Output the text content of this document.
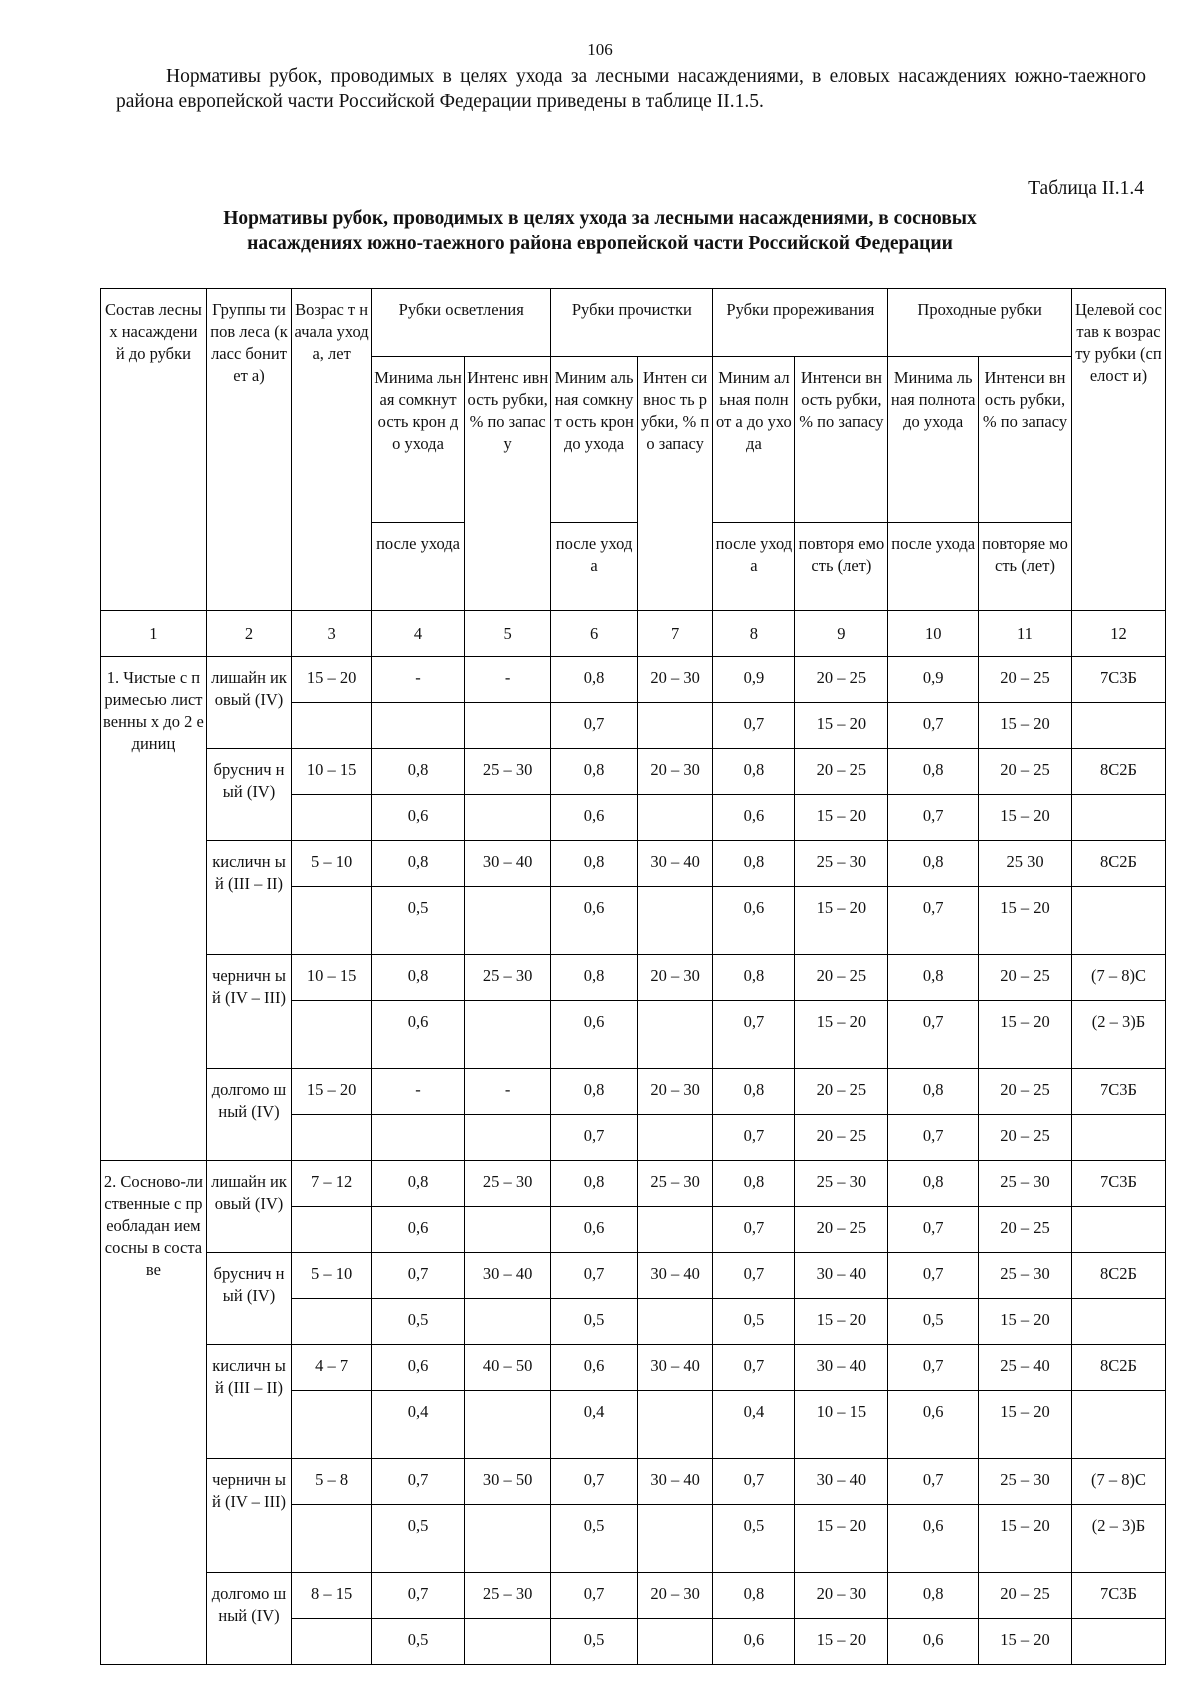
106
Нормативы рубок, проводимых в целях ухода за лесными насаждениями, в еловых насаждениях южно-таежного района европейской части Российской Федерации приведены в таблице II.1.5.
Таблица II.1.4
Нормативы рубок, проводимых в целях ухода за лесными насаждениями, в сосновых
насаждениях южно-таежного района европейской части Российской Федерации
Состав лесных насаждени й до рубки	Группы типов леса (класс бонитет а)	Возрас т начала ухода, лет	Рубки осветления		Рубки прочистки		Рубки прореживания		Проходные рубки		Целевой состав к возрасту рубки (спелост и)
			Минима льная сомкнут ость крон до ухода	Интенс ивность рубки, % по запасу	Миним альная сомкнут ость крон до ухода	Интен сивнос ть рубки, % по запасу	Миним альная полнот а до ухода	Интенси вность рубки, % по запасу	Минима льная полнота до ухода	Интенси вность рубки, % по запасу	
			после ухода		после ухода		после ухода	повторя емость (лет)	после ухода	повторяе мость (лет)	
1	2	3	4	5	6	7	8	9	10	11	12
1. Чистые с примесью лиственны х до 2 единиц	лишайн иковый (IV)	15 – 20	-	-	0,8	20 – 30	0,9	20 – 25	0,9	20 – 25	7С3Б
					0,7		0,7	15 – 20	0,7	15 – 20	
	бруснич ный (IV)	10 – 15	0,8	25 – 30	0,8	20 – 30	0,8	20 – 25	0,8	20 – 25	8С2Б
			0,6		0,6		0,6	15 – 20	0,7	15 – 20	
	кисличн ый (III – II)	5 – 10	0,8	30 – 40	0,8	30 – 40	0,8	25 – 30	0,8	25 30	8С2Б
			0,5		0,6		0,6	15 – 20	0,7	15 – 20	
	черничн ый (IV – III)	10 – 15	0,8	25 – 30	0,8	20 – 30	0,8	20 – 25	0,8	20 – 25	(7 – 8)С
			0,6		0,6		0,7	15 – 20	0,7	15 – 20	(2 – 3)Б
	долгомо шный (IV)	15 – 20	-	-	0,8	20 – 30	0,8	20 – 25	0,8	20 – 25	7С3Б
					0,7		0,7	20 – 25	0,7	20 – 25	
2. Сосново-лиственные с преобладан ием сосны в составе	лишайн иковый (IV)	7 – 12	0,8	25 – 30	0,8	25 – 30	0,8	25 – 30	0,8	25 – 30	7С3Б
			0,6		0,6		0,7	20 – 25	0,7	20 – 25	
	бруснич ный (IV)	5 – 10	0,7	30 – 40	0,7	30 – 40	0,7	30 – 40	0,7	25 – 30	8С2Б
			0,5		0,5		0,5	15 – 20	0,5	15 – 20	
	кисличн ый (III – II)	4 – 7	0,6	40 – 50	0,6	30 – 40	0,7	30 – 40	0,7	25 – 40	8С2Б
			0,4		0,4		0,4	10 – 15	0,6	15 – 20	
	черничн ый (IV – III)	5 – 8	0,7	30 – 50	0,7	30 – 40	0,7	30 – 40	0,7	25 – 30	(7 – 8)С
			0,5		0,5		0,5	15 – 20	0,6	15 – 20	(2 – 3)Б
	долгомо шный (IV)	8 – 15	0,7	25 – 30	0,7	20 – 30	0,8	20 – 30	0,8	20 – 25	7С3Б
			0,5		0,5		0,6	15 – 20	0,6	15 – 20	
